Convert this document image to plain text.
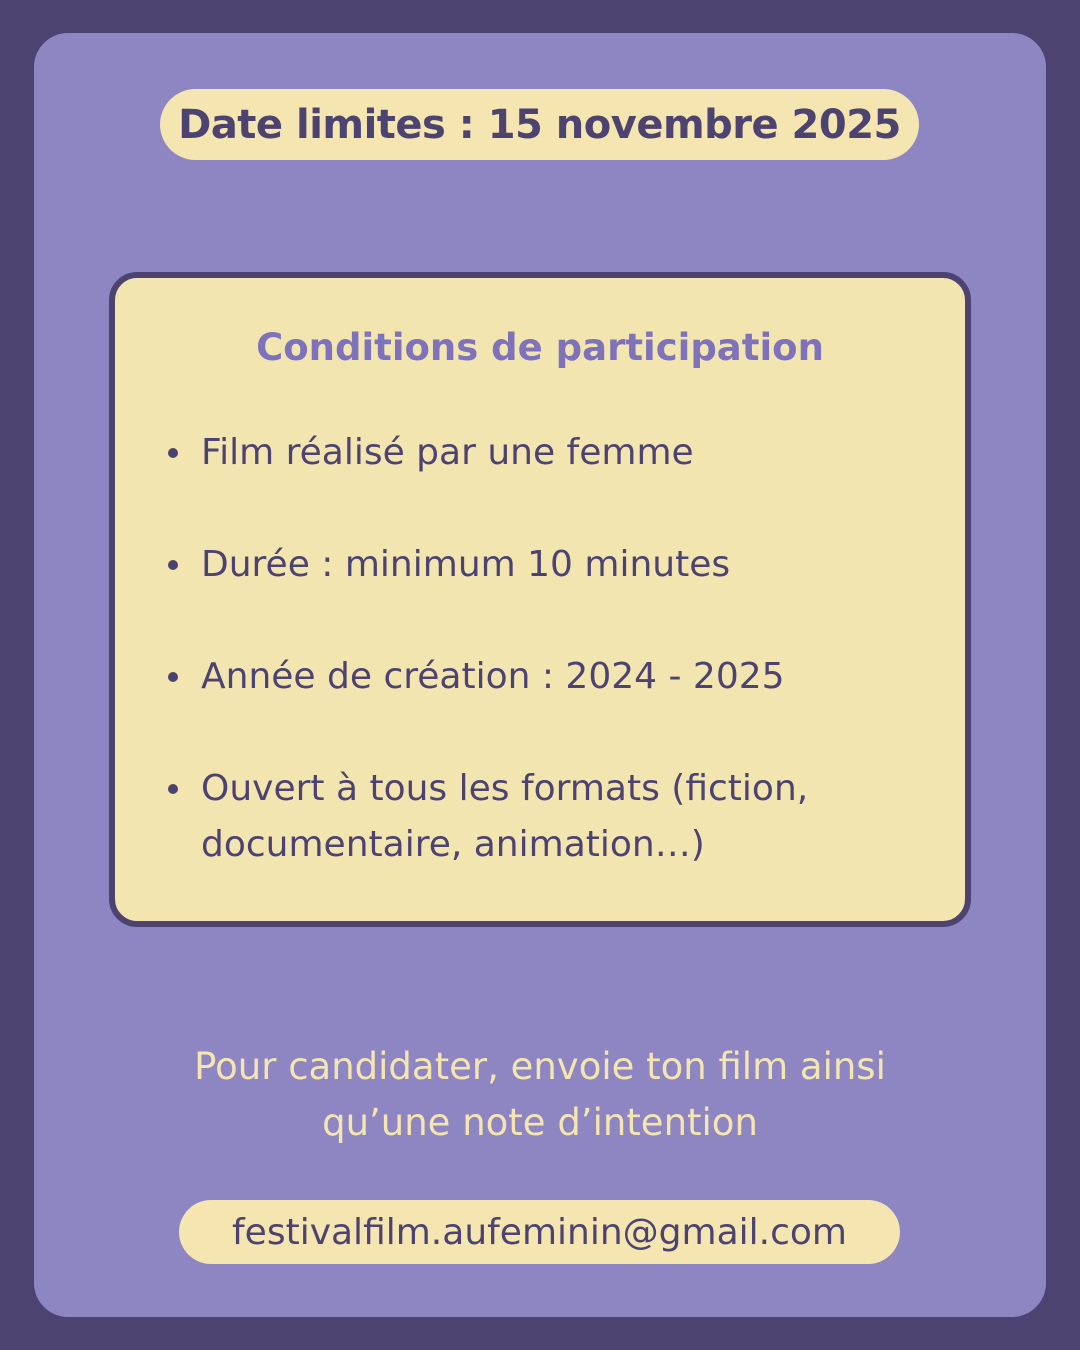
Date limites : 15 novembre 2025
Conditions de participation
Film réalisé par une femme
Durée : minimum 10 minutes
Année de création : 2024 - 2025
Ouvert à tous les formats (fiction,
documentaire, animation…)
Pour candidater, envoie ton film ainsi
qu’une note d’intention
festivalfilm.aufeminin@gmail.com
